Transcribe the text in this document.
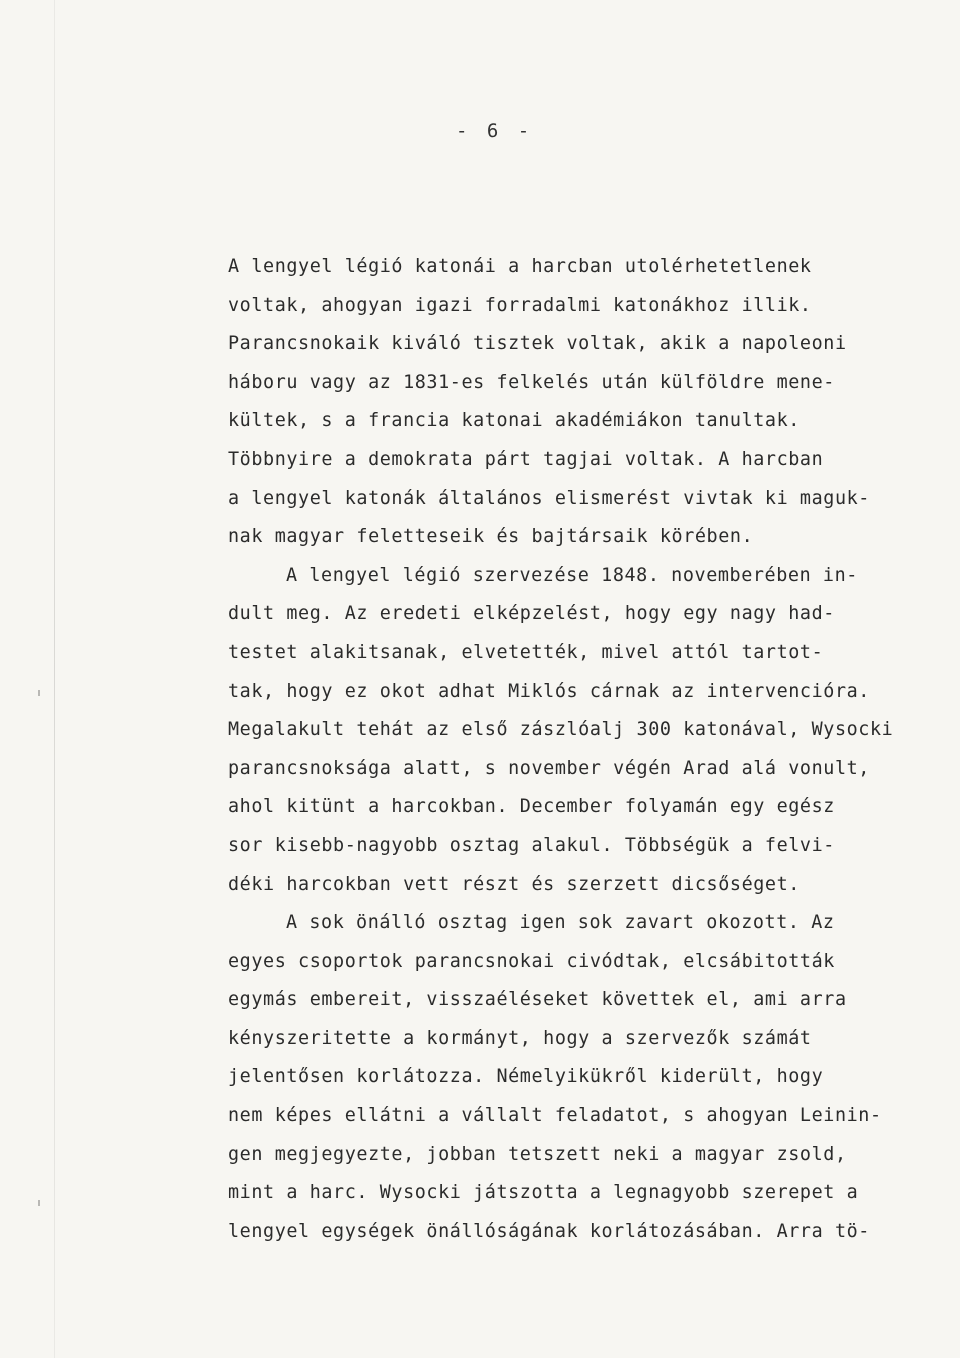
- 6 -
A lengyel légió katonái a harcban utolérhetetlenek
voltak, ahogyan igazi forradalmi katonákhoz illik.
Parancsnokaik kiváló tisztek voltak, akik a napoleoni
háboru vagy az 1831-es felkelés után külföldre mene-
kültek, s a francia katonai akadémiákon tanultak.
Többnyire a demokrata párt tagjai voltak. A harcban
a lengyel katonák általános elismerést vivtak ki maguk-
nak magyar feletteseik és bajtársaik körében.
A lengyel légió szervezése 1848. novemberében in-
dult meg. Az eredeti elképzelést, hogy egy nagy had-
testet alakitsanak, elvetették, mivel attól tartot-
tak, hogy ez okot adhat Miklós cárnak az intervencióra.
Megalakult tehát az első zászlóalj 300 katonával, Wysocki
parancsnoksága alatt, s november végén Arad alá vonult,
ahol kitünt a harcokban. December folyamán egy egész
sor kisebb-nagyobb osztag alakul. Többségük a felvi-
déki harcokban vett részt és szerzett dicsőséget.
A sok önálló osztag igen sok zavart okozott. Az
egyes csoportok parancsnokai civódtak, elcsábitották
egymás embereit, visszaéléseket követtek el, ami arra
kényszeritette a kormányt, hogy a szervezők számát
jelentősen korlátozza. Némelyikükről kiderült, hogy
nem képes ellátni a vállalt feladatot, s ahogyan Leinin-
gen megjegyezte, jobban tetszett neki a magyar zsold,
mint a harc. Wysocki játszotta a legnagyobb szerepet a
lengyel egységek önállóságának korlátozásában. Arra tö-
